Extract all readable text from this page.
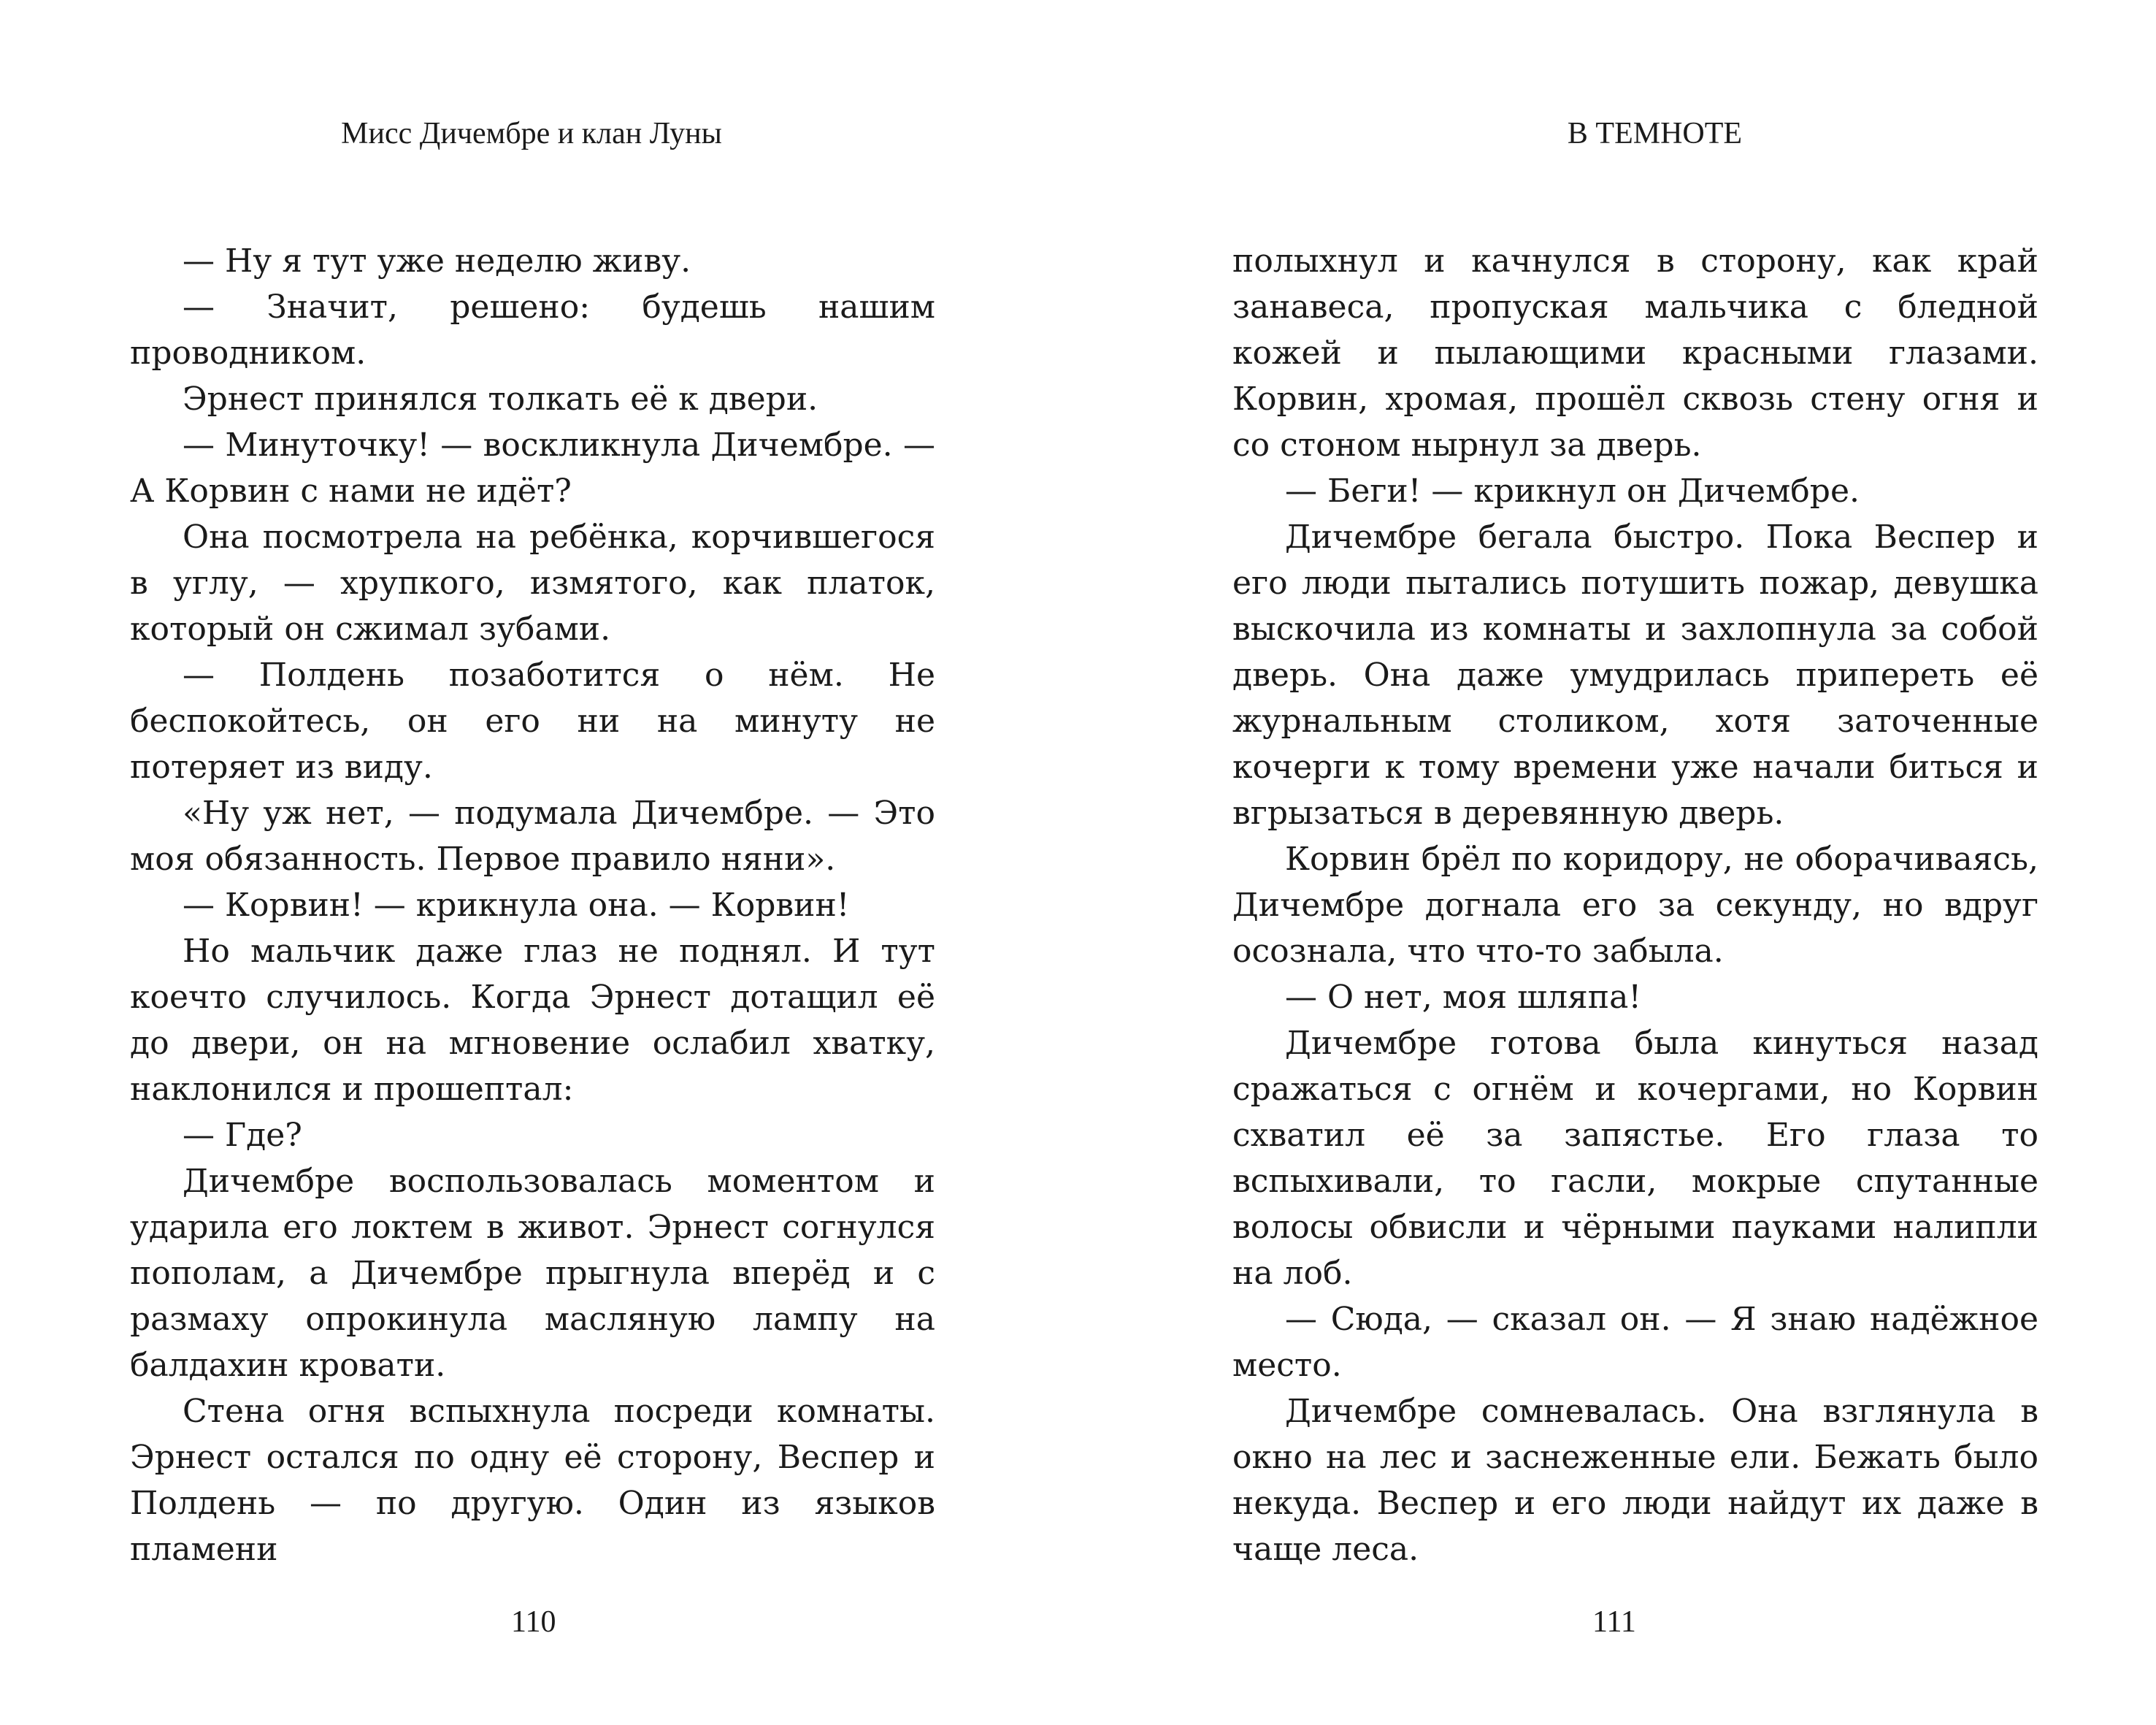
Мисс Дичембре и клан Луны

— Ну я тут уже неделю живу.

— Значит, решено: будешь нашим проводником.

Эрнест принялся толкать её к двери.

— Минуточку! — воскликнула Дичембре. — А Корвин с нами не идёт?

Она посмотрела на ребёнка, корчившегося в углу, — хрупкого, измятого, как платок, который он сжимал зубами.

— Полдень позаботится о нём. Не беспокойтесь, он его ни на минуту не потеряет из виду.

«Ну уж нет, — подумала Дичембре. — Это моя обязанность. Первое правило няни».

— Корвин! — крикнула она. — Корвин!

Но мальчик даже глаз не поднял. И тут коечто случилось. Когда Эрнест дотащил её до двери, он на мгновение ослабил хватку, наклонился и прошептал:

— Где?

Дичембре воспользовалась моментом и ударила его локтем в живот. Эрнест согнулся пополам, а Дичембре прыгнула вперёд и с размаху опрокинула масляную лампу на балдахин кровати.

Стена огня вспыхнула посреди комнаты. Эрнест остался по одну её сторону, Веспер и Полдень — по другую. Один из языков пламени

110
В ТЕМНОТЕ

полыхнул и качнулся в сторону, как край занавеса, пропуская мальчика с бледной кожей и пылающими красными глазами. Корвин, хромая, прошёл сквозь стену огня и со стоном нырнул за дверь.

— Беги! — крикнул он Дичембре.

Дичембре бегала быстро. Пока Веспер и его люди пытались потушить пожар, девушка выскочила из комнаты и захлопнула за собой дверь. Она даже умудрилась припереть её журнальным столиком, хотя заточенные кочерги к тому времени уже начали биться и вгрызаться в деревянную дверь.

Корвин брёл по коридору, не оборачиваясь, Дичембре догнала его за секунду, но вдруг осознала, что что-то забыла.

— О нет, моя шляпа!

Дичембре готова была кинуться назад сражаться с огнём и кочергами, но Корвин схватил её за запястье. Его глаза то вспыхивали, то гасли, мокрые спутанные волосы обвисли и чёрными пауками налипли на лоб.

— Сюда, — сказал он. — Я знаю надёжное место.

Дичембре сомневалась. Она взглянула в окно на лес и заснеженные ели. Бежать было некуда. Веспер и его люди найдут их даже в чаще леса.

111
